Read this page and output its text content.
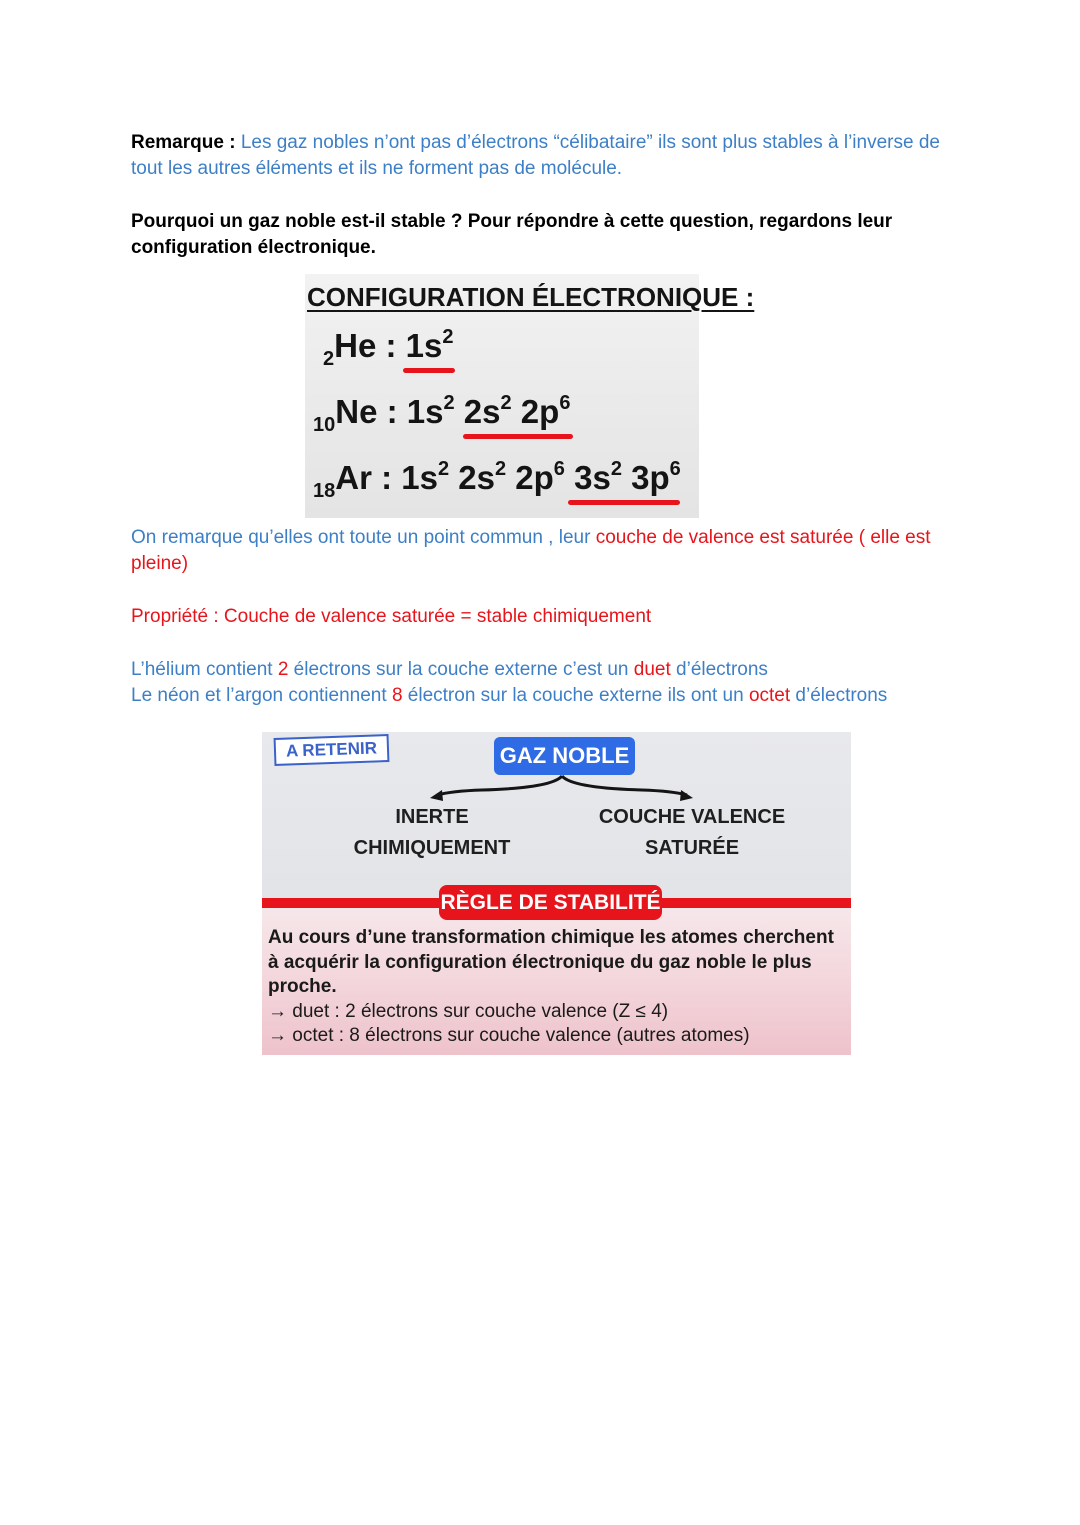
Remarque : Les gaz nobles n’ont pas d’électrons “célibataire” ils sont plus stables à l’inverse de tout les autres éléments et ils ne forment pas de molécule.
Pourquoi un gaz noble est-il stable ? Pour répondre à cette question, regardons leur configuration électronique.
CONFIGURATION ÉLECTRONIQUE :
$_2$He : $1s^2$
$_{10}$Ne : $1s^2$ $2s^2$ $2p^6$
$_{18}$Ar : $1s^2$ $2s^2$ $2p^6$ $3s^2$ $3p^6$
On remarque qu’elles ont toute un point commun , leur couche de valence est saturée ( elle est pleine)
Propriété : Couche de valence saturée = stable chimiquement
L’hélium contient 2 électrons sur la couche externe c’est un duet d’électrons
Le néon et l’argon contiennent 8 électron sur la couche externe ils ont un octet d’électrons
A RETENIR	GAZ NOBLE
INERTE
CHIMIQUEMENT
COUCHE VALENCE
SATURÉE
RÈGLE DE STABILITÉ
Au cours d’une transformation chimique les atomes cherchent à acquérir la configuration électronique du gaz noble le plus proche.
→ duet : 2 électrons sur couche valence (Z ≤ 4)
→ octet : 8 électrons sur couche valence (autres atomes)
